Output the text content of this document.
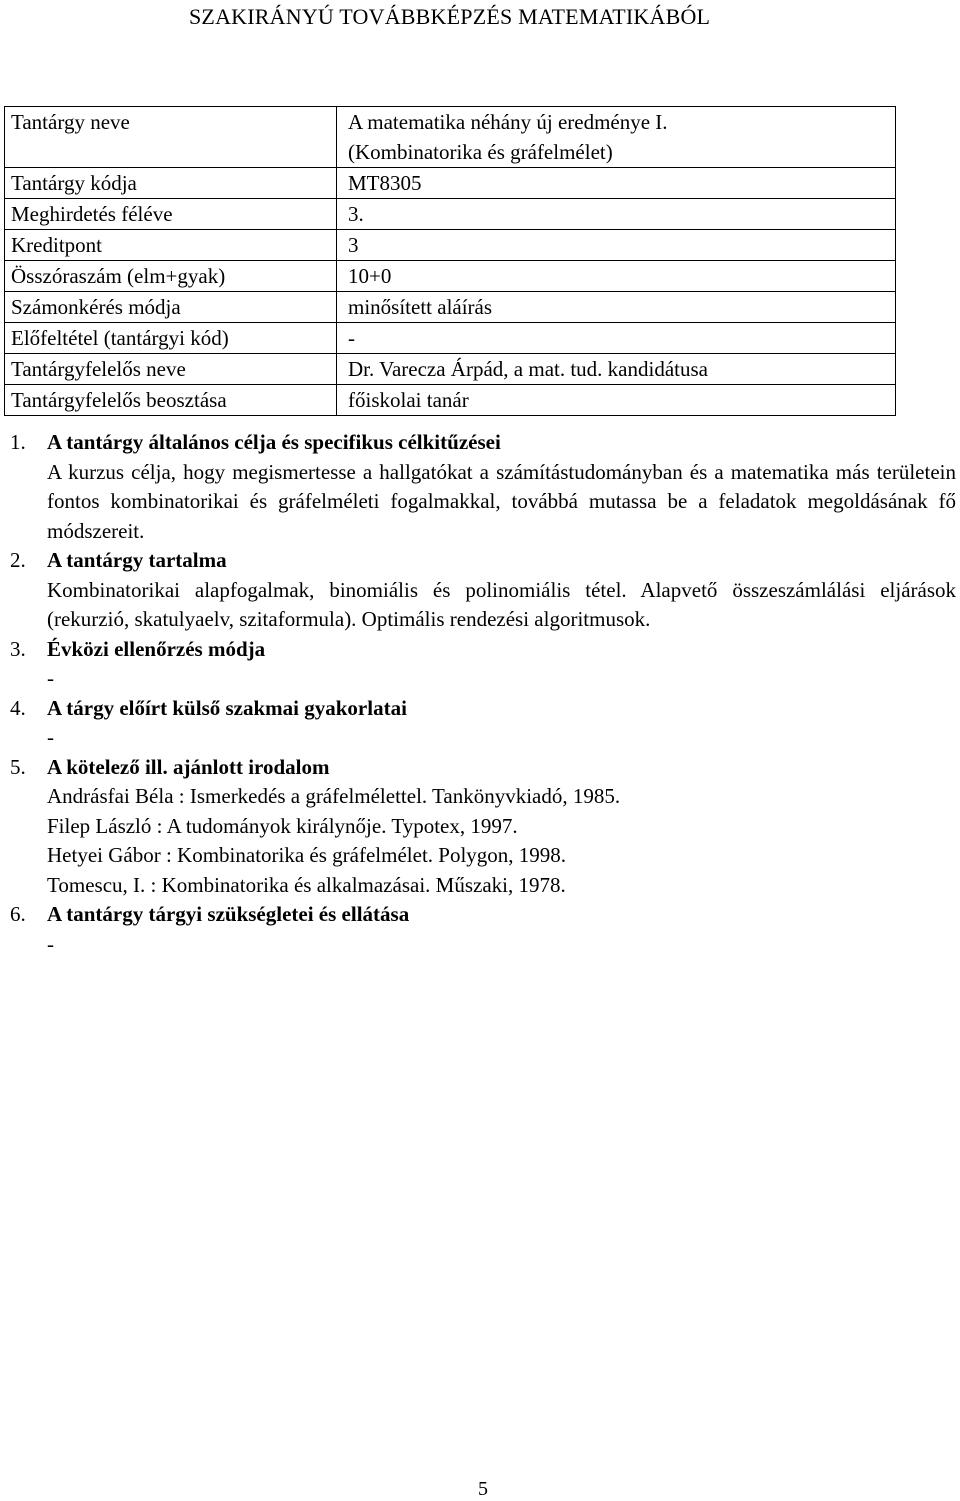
SZAKIRÁNYÚ TOVÁBBKÉPZÉS MATEMATIKÁBÓL
Tantárgy neve	A matematika néhány új eredménye I.
(Kombinatorika és gráfelmélet)

Tantárgy kódja	MT8305
Meghirdetés féléve	3.
Kreditpont	3
Összóraszám (elm+gyak)	10+0
Számonkérés módja	minősített aláírás
Előfeltétel (tantárgyi kód)	-
Tantárgyfelelős neve	Dr. Varecza Árpád, a mat. tud. kandidátusa
Tantárgyfelelős beosztása	főiskolai tanár
1.	A tantárgy általános célja és specifikus célkitűzései
A kurzus célja, hogy megismertesse a hallgatókat a számítástudományban és a matematika más területein fontos kombinatorikai és gráfelméleti fogalmakkal, továbbá mutassa be a feladatok megoldásának fő módszereit.
2.	A tantárgy tartalma
Kombinatorikai alapfogalmak, binomiális és polinomiális tétel. Alapvető összeszámlálási eljárások (rekurzió, skatulyaelv, szitaformula). Optimális rendezési algoritmusok.
3.	Évközi ellenőrzés módja
-
4.	A tárgy előírt külső szakmai gyakorlatai
-
5.	A kötelező ill. ajánlott irodalom
Andrásfai Béla : Ismerkedés a gráfelmélettel. Tankönyvkiadó, 1985.
Filep László : A tudományok királynője. Typotex, 1997.
Hetyei Gábor : Kombinatorika és gráfelmélet. Polygon, 1998.
Tomescu, I. : Kombinatorika és alkalmazásai. Műszaki, 1978.
6.	A tantárgy tárgyi szükségletei és ellátása
-
5
